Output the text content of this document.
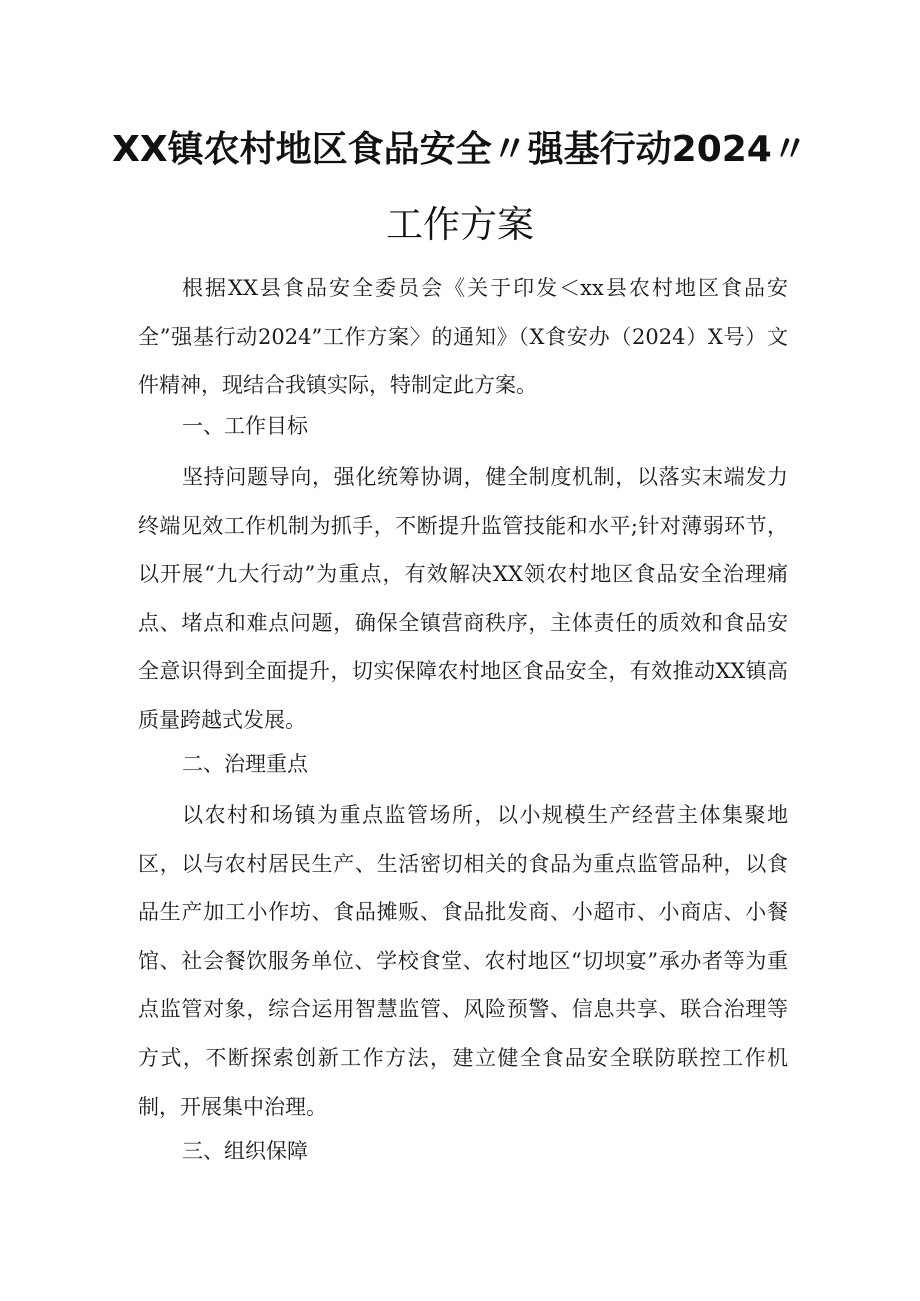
XX镇农村地区食品安全〃强基行动2024〃
工作方案

根据XX县食品安全委员会《关于印发＜xx县农村地区食品安全”强基行动2024”工作方案〉的通知》（X食安办（2024）X号）文件精神，现结合我镇实际，特制定此方案。

一、工作目标

坚持问题导向，强化统筹协调，健全制度机制，以落实末端发力终端见效工作机制为抓手，不断提升监管技能和水平;针对薄弱环节，以开展“九大行动”为重点，有效解决XX领农村地区食品安全治理痛点、堵点和难点问题，确保全镇营商秩序，主体责任的质效和食品安全意识得到全面提升，切实保障农村地区食品安全，有效推动XX镇高质量跨越式发展。

二、治理重点

以农村和场镇为重点监管场所，以小规模生产经营主体集聚地区，以与农村居民生产、生活密切相关的食品为重点监管品种，以食品生产加工小作坊、食品摊贩、食品批发商、小超市、小商店、小餐馆、社会餐饮服务单位、学校食堂、农村地区“切坝宴”承办者等为重点监管对象，综合运用智慧监管、风险预警、信息共享、联合治理等方式，不断探索创新工作方法，建立健全食品安全联防联控工作机制，开展集中治理。

三、组织保障
